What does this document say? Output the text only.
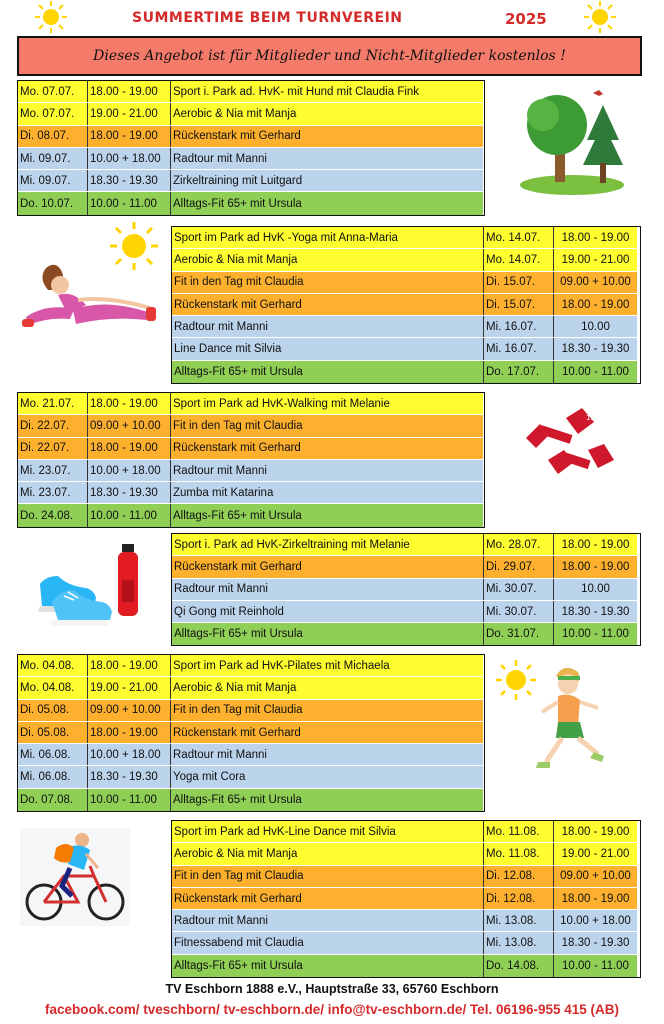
SUMMERTIME BEIM TURNVEREIN	2025
Dieses Angebot ist für Mitglieder und Nicht-Mitglieder kostenlos !
Mo. 07.07.	18.00 - 19.00	Sport i. Park ad. HvK- mit Hund mit Claudia Fink
Mo. 07.07.	19.00 - 21.00	Aerobic & Nia mit Manja
Di. 08.07.	18.00 - 19.00	Rückenstark mit Gerhard
Mi. 09.07.	10.00 + 18.00	Radtour mit Manni
Mi. 09.07.	18.30 - 19.30	Zirkeltraining mit Luitgard
Do. 10.07.	10.00 - 11.00	Alltags-Fit 65+ mit Ursula
Sport im Park ad HvK -Yoga mit Anna-Maria	Mo. 14.07.	18.00 - 19.00
Aerobic & Nia mit Manja	Mo. 14.07.	19.00 - 21.00
Fit in den Tag mit Claudia	Di. 15.07.	09.00 + 10.00
Rückenstark mit Gerhard	Di. 15.07.	18.00 - 19.00
Radtour mit Manni	Mi. 16.07.	10.00
Line Dance mit Silvia	Mi. 16.07.	18.30 - 19.30
Alltags-Fit 65+ mit Ursula	Do. 17.07.	10.00 - 11.00
Mo. 21.07.	18.00 - 19.00	Sport im Park ad HvK-Walking mit Melanie
Di. 22.07.	09.00 + 10.00	Fit in den Tag mit Claudia
Di. 22.07.	18.00 - 19.00	Rückenstark mit Gerhard
Mi. 23.07.	10.00 + 18.00	Radtour mit Manni
Mi. 23.07.	18.30 - 19.30	Zumba mit Katarina
Do. 24.08.	10.00 - 11.00	Alltags-Fit 65+ mit Ursula
Sport i. Park ad HvK-Zirkeltraining mit Melanie	Mo. 28.07.	18.00 - 19.00
Rückenstark mit Gerhard	Di. 29.07.	18.00 - 19.00
Radtour mit Manni	Mi. 30.07.	10.00
Qi Gong mit Reinhold	Mi. 30.07.	18.30 - 19.30
Alltags-Fit 65+ mit Ursula	Do. 31.07.	10.00 - 11.00
Mo. 04.08.	18.00 - 19.00	Sport im Park ad HvK-Pilates mit Michaela
Mo. 04.08.	19.00 - 21.00	Aerobic & Nia mit Manja
Di. 05.08.	09.00 + 10.00	Fit in den Tag mit Claudia
Di. 05.08.	18.00 - 19.00	Rückenstark mit Gerhard
Mi. 06.08.	10.00 + 18.00	Radtour mit Manni
Mi. 06.08.	18.30 - 19.30	Yoga mit Cora
Do. 07.08.	10.00 - 11.00	Alltags-Fit 65+ mit Ursula
Sport im Park ad HvK-Line Dance mit Silvia	Mo. 11.08.	18.00 - 19.00
Aerobic & Nia mit Manja	Mo. 11.08.	19.00 - 21.00
Fit in den Tag mit Claudia	Di. 12.08.	09.00 + 10.00
Rückenstark mit Gerhard	Di. 12.08.	18.00 - 19.00
Radtour mit Manni	Mi. 13.08.	10.00 + 18.00
Fitnessabend mit Claudia	Mi. 13.08.	18.30 - 19.30
Alltags-Fit 65+ mit Ursula	Do. 14.08.	10.00 - 11.00
1.5KG
TV Eschborn 1888 e.V., Hauptstraße 33, 65760 Eschborn
facebook.com/ tveschborn/ tv-eschborn.de/ info@tv-eschborn.de/ Tel. 06196-955 415 (AB)
